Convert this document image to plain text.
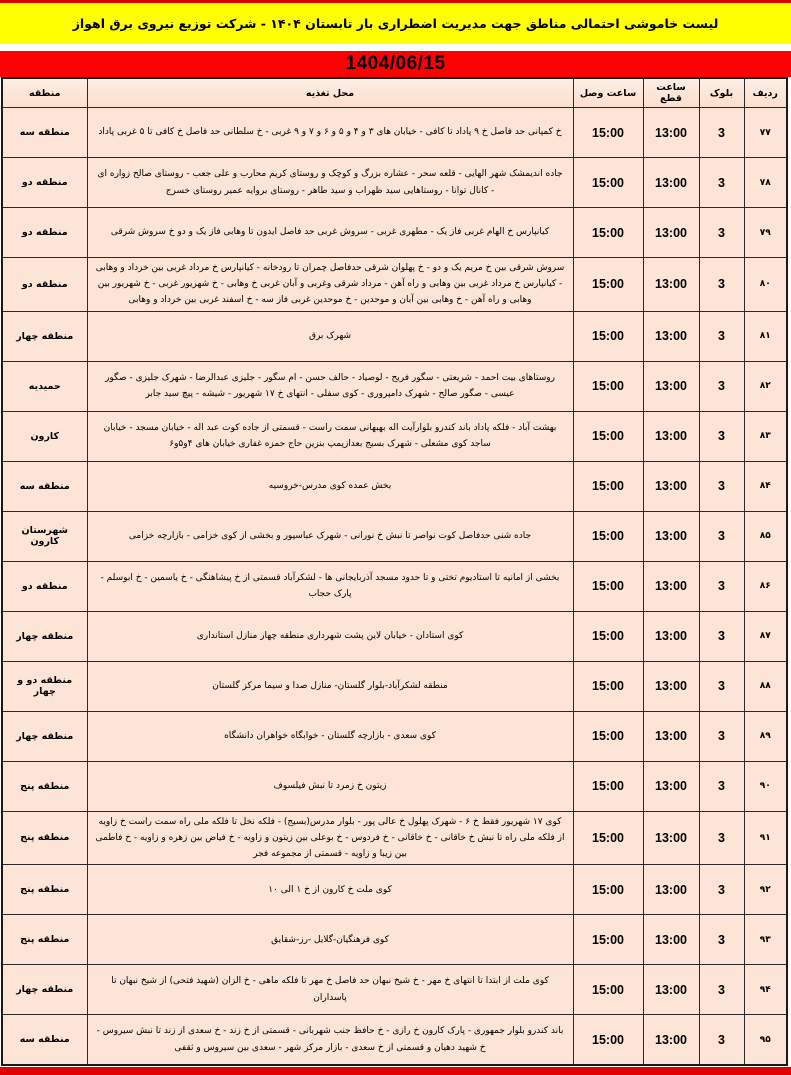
لیست خاموشی احتمالی مناطق جهت مدیریت اضطراری بار تابستان ۱۴۰۴ - شرکت توزیع نیروی برق اهواز
1404/06/15
ردیف	بلوک	ساعت قطع	ساعت وصل	محل تغذیه	منطقه
۷۷	3	13:00	15:00	خ کمپانی حد فاصل خ ۹ پاداد تا کافی - خیابان های ۳ و ۴ و ۵ و ۶ و ۷ و ۹ غربی - خ سلطانی حد فاصل خ کافی تا ۵ غربی پاداد	منطقه سه
۷۸	3	13:00	15:00	جاده اندیمشک شهر الهایی - قلعه سحر - عشاره بزرگ و کوچک و روستای کریم محارب و علی جعب - روستای صالح زواره ای - کانال توانا - روستاهایی سید ظهراب و سید طاهر - روستای بروایه عمیر روستای خسرج	منطقه دو
۷۹	3	13:00	15:00	کیانپارس خ الهام غربی فاز یک - مطهری غربی - سروش غربی حد فاصل ایدون تا وهابی فاز یک و دو خ سروش شرقی	منطقه دو
۸۰	3	13:00	15:00	سروش شرقی بین خ مریم یک و دو - خ پهلوان شرقی حدفاصل چمران تا رودخانه - کیانپارس خ مرداد غربی بین خرداد و وهابی - کیانپارس خ مرداد غربی بین وهابی و راه آهن - مرداد شرقی وغربی و آبان غربی خ وهابی - خ شهریور غربی - خ شهریور بین وهابی و راه آهن - خ وهابی بین آبان و موحدین - خ موحدین غربی فاز سه - خ اسفند غربی بین خرداد و وهابی	منطقه دو
۸۱	3	13:00	15:00	شهرک برق	منطقه چهار
۸۲	3	13:00	15:00	روستاهای بیت احمد - شریعتی - سگور فریح - لوصیاد - حالف حسن - ام سگور - جلیزی عبدالرضا - شهرک جلیزی - صگور عیسی - صگور صالح - شهرک دامپروری - کوی سفلی - انتهای خ ۱۷ شهریور - شیشه - پیچ سید جابر	حمیدیه
۸۳	3	13:00	15:00	بهشت آباد - فلکه پاداد باند کندرو بلوارآیت اله بهبهانی سمت راست - قسمتی از جاده کوت عبد اله - خیابان مسجد - خیابان ساجد کوی مشعلی - شهرک بسیج بعدازپمپ بنزین حاج حمزه غفاری خیابان های ۴و۵و۶	کارون
۸۴	3	13:00	15:00	بخش عمده کوی مدرس-خروسیه	منطقه سه
۸۵	3	13:00	15:00	جاده شنی حدفاصل کوت نواصر تا نبش خ نورانی - شهرک عباسپور و بخشی از کوی خزامی - بازارچه خزامی	شهرستان کارون
۸۶	3	13:00	15:00	بخشی از امانیه تا استادیوم تختی و تا حدود مسجد آذربایجانی ها - لشکرآباد قسمتی از خ پیشاهنگی - خ یاسمین - خ ابوسلم - پارک حجاب	منطقه دو
۸۷	3	13:00	15:00	کوی استادان - خیابان لاین پشت شهرداری منطقه چهار منازل استانداری	منطقه چهار
۸۸	3	13:00	15:00	منطقه لشکرآباد-بلوار گلستان- منازل صدا و سیما مرکز گلستان	منطقه دو و چهار
۸۹	3	13:00	15:00	کوی سعدی - بازارچه گلستان - خوابگاه خواهران دانشگاه	منطقه چهار
۹۰	3	13:00	15:00	زیتون خ زمرد تا نبش فیلسوف	منطقه پنج
۹۱	3	13:00	15:00	کوی ۱۷ شهریور فقط خ ۶ - شهرک پهلول خ عالی پور - بلوار مدرس(بسیج) - فلکه نخل تا فلکه ملی راه سمت راست خ زاویه از فلکه ملی راه تا نبش خ خاقانی - خ خاقانی - خ فردوس - خ بوعلی بین زیتون و زاویه - خ فیاض بین زهره و زاویه - خ فاطمی بین زیبا و زاویه - قسمتی از مجموعه فجر	منطقه پنج
۹۲	3	13:00	15:00	کوی ملت خ کارون از خ ۱ الی ۱۰	منطقه پنج
۹۳	3	13:00	15:00	کوی فرهنگیان-گلایل -رز-شقایق	منطقه پنج
۹۴	3	13:00	15:00	کوی ملت از ابتدا تا انتهای خ مهر - خ شیخ نبهان حد فاصل خ مهر تا فلکه ماهی - خ الزان (شهید فتحی) از شیخ نبهان تا پاسداران	منطقه چهار
۹۵	3	13:00	15:00	باند کندرو بلوار جمهوری - پارک کارون خ رازی - خ حافظ جنب شهربانی - قسمتی از خ زند - خ سعدی از زند تا نبش سیروس - خ شهید دهیان و قسمتی از خ سعدی - بازار مرکز شهر - سعدی بین سیروس و ثقفی	منطقه سه
